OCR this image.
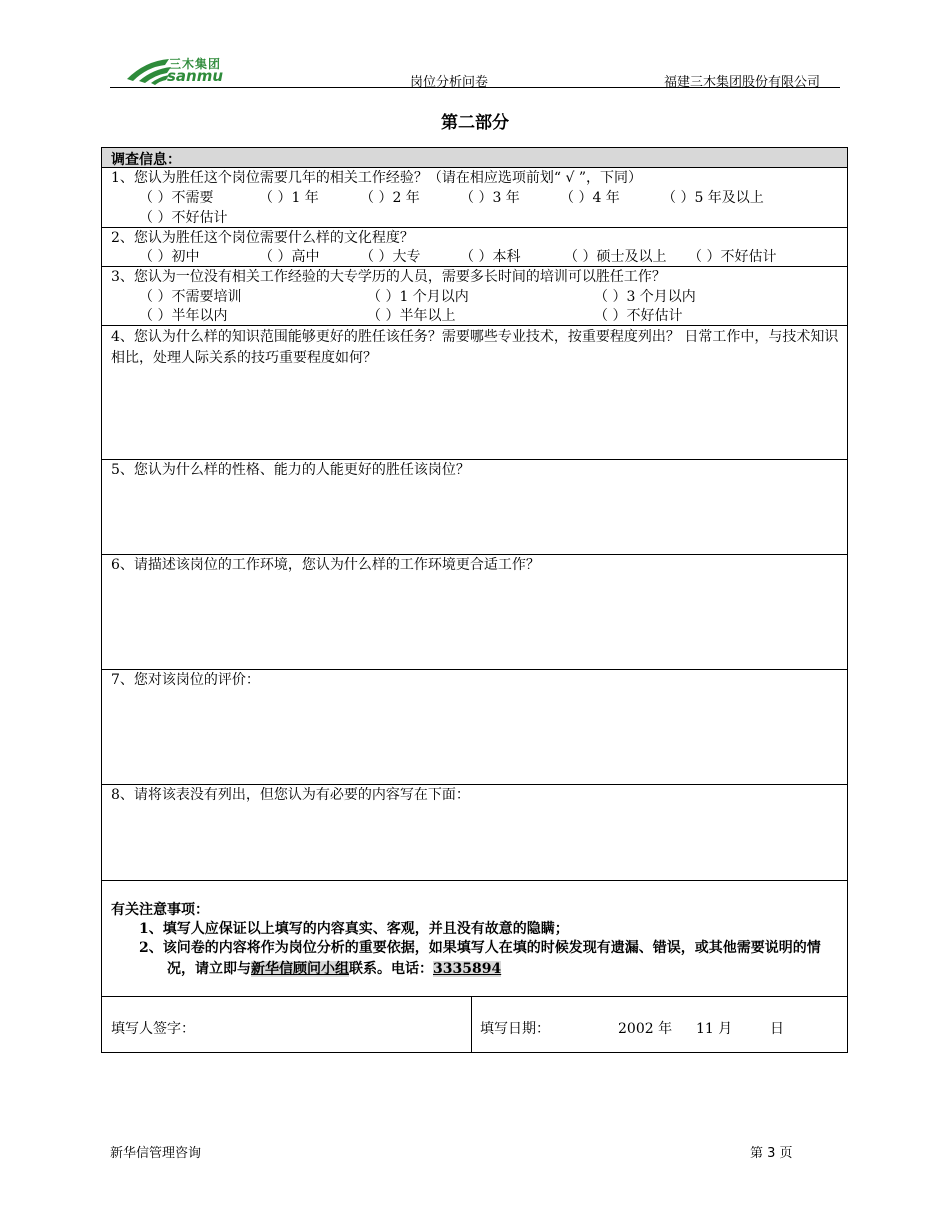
三木集团
sanmu	岗位分析问卷	福建三木集团股份有限公司
第二部分
调查信息：
1、您认为胜任这个岗位需要几年的相关工作经验？（请在相应选项前划“ √ ”，下同）
（ ）不需要	（ ）1 年	（ ）2 年	（ ）3 年	（ ）4 年	（ ）5 年及以上
（ ）不好估计
2、您认为胜任这个岗位需要什么样的文化程度？
（ ）初中	（ ）高中	（ ）大专	（ ）本科	（ ）硕士及以上 （ ）不好估计
3、您认为一位没有相关工作经验的大专学历的人员，需要多长时间的培训可以胜任工作？
（ ）不需要培训	（ ）1 个月以内	（ ）3 个月以内
（ ）半年以内	（ ）半年以上	（ ）不好估计
4、您认为什么样的知识范围能够更好的胜任该任务？需要哪些专业技术，按重要程度列出？ 日常工作中，与技术知识相比，处理人际关系的技巧重要程度如何？
5、您认为什么样的性格、能力的人能更好的胜任该岗位？
6、请描述该岗位的工作环境，您认为什么样的工作环境更合适工作？
7、您对该岗位的评价：
8、请将该表没有列出，但您认为有必要的内容写在下面：
有关注意事项：
1、填写人应保证以上填写的内容真实、客观，并且没有故意的隐瞒；
2、该问卷的内容将作为岗位分析的重要依据，如果填写人在填的时候发现有遗漏、错误，或其他需要说明的情况，请立即与新华信顾问小组联系。电话：3335894
填写人签字：	填写日期：	2002 年 11 月	日
新华信管理咨询	第 3 页
